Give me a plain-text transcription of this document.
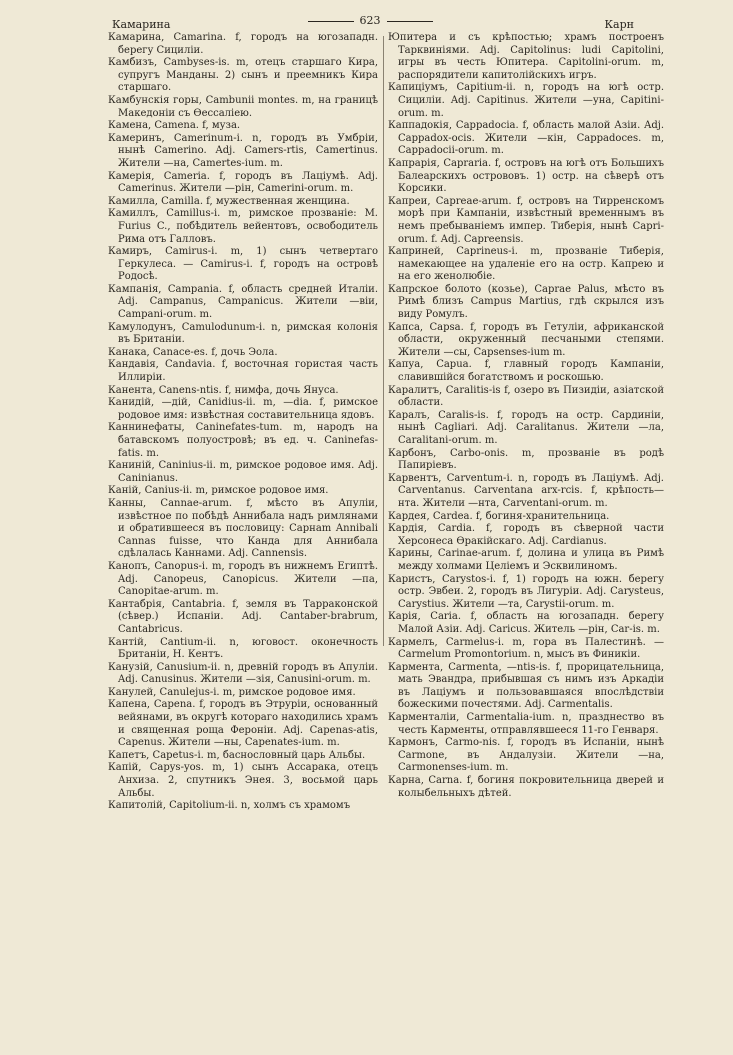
Камарина	623	Карн
Камарина, Camarina. f, городъ на югозападн. берегу Сициліи.
Камбизъ, Cambyses-is. m, отецъ старшаго Кира, супругъ Манданы. 2) сынъ и преемникъ Кира старшаго.
Камбунскія горы, Cambunii montes. m, на границѣ Македоніи съ Ѳессаліею.
Камена, Camena. f, муза.
Камеринъ, Camerinum-i. n, городъ въ Умбріи, нынѣ Camerino. Adj. Camers-rtis, Camertinus. Жители —на, Camertes-ium. m.
Камерія, Cameria. f, городъ въ Лаціумѣ. Adj. Camerinus. Жители —рін, Camerini-orum. m.
Камилла, Camilla. f, мужественная женщина.
Камиллъ, Camillus-i. m, римское прозваніе: M. Furius C., побѣдитель вейентовъ, освободитель Рима отъ Галловъ.
Камиръ, Camirus-i. m, 1) сынъ четвертаго Геркулеса. — Camirus-i. f, городъ на островѣ Родосѣ.
Кампанія, Campania. f, область средней Италіи. Adj. Campanus, Campanicus. Жители —віи, Campani-orum. m.
Камулодунъ, Camulodunum-i. n, римская колонія въ Британіи.
Канака, Canace-es. f, дочь Эола.
Кандавія, Candavia. f, восточная гористая часть Иллиріи.
Канента, Canens-ntis. f, нимфа, дочь Януса.
Канидій, —дій, Canidius-ii. m, —dia. f, римское родовое имя: извѣстная составительница ядовъ.
Каннинефаты, Caninefates-tum. m, народъ на батавскомъ полуостровѣ; въ ед. ч. Caninefas-fatis. m.
Каниній, Caninius-ii. m, римское родовое имя. Adj. Caninianus.
Каній, Canius-ii. m, римское родовое имя.
Канны, Cannae-arum. f, мѣсто въ Апуліи, извѣстное по побѣдѣ Аннибала надъ римлянами и обратившееся въ пословицу: Caрнam Annibali Cannas fuisse, что Канда для Аннибала сдѣлалась Каннами. Adj. Cannensis.
Канопъ, Canopus-i. m, городъ въ нижнемъ Египтѣ. Adj. Canopeus, Canopicus. Жители —па, Canopitae-arum. m.
Кантабрія, Cantabria. f, земля въ Тарраконской (сѣвер.) Испаніи. Adj. Cantaber-brabrum, Cantabricus.
Кантій, Cantium-ii. n, юговост. оконечность Британіи, Н. Кентъ.
Канузій, Canusium-ii. n, древній городъ въ Апуліи. Adj. Canusinus. Жители —зія, Canusini-orum. m.
Канулей, Canulejus-i. m, римское родовое имя.
Капена, Capena. f, городъ въ Этруріи, основанный вейянами, въ округѣ котораго находились храмъ и священная роща Фероніи. Adj. Capenas-atis, Capenus. Жители —ны, Capenates-ium. m.
Капетъ, Capetus-i. m, баснословный царь Альбы.
Капій, Capys-yos. m, 1) сынъ Ассарака, отецъ Анхиза. 2, спутникъ Энея. 3, восьмой царь Альбы.
Капитолій, Capitolium-ii. n, холмъ съ храмомъ
Юпитера и съ крѣпостью; храмъ построенъ Тарквиніями. Adj. Capitolinus: ludi Capitolini, игры въ честь Юпитера. Capitolini-orum. m, распорядители капитолійскихъ игръ.
Капиціумъ, Capitium-ii. n, городъ на югѣ остр. Сициліи. Adj. Capitinus. Жители —уна, Capitini-orum. m.
Каппадокія, Cappadocia. f, область малой Азіи. Adj. Cappadox-ocis. Жители —кін, Cappadoces. m, Cappadocii-orum. m.
Капрарія, Capraria. f, островъ на югѣ отъ Большихъ Балеарскихъ острововъ. 1) остр. на сѣверѣ отъ Корсики.
Капреи, Capreae-arum. f, островъ на Тирренскомъ морѣ при Кампаніи, извѣстный временнымъ въ немъ пребываніемъ импер. Тиберія, нынѣ Capri-orum. f. Adj. Capreensis.
Каприней, Caprineus-i. m, прозваніе Тиберія, намекающее на удаленіе его на остр. Капрею и на его женолюбіе.
Капрское болото (козье), Caprae Palus, мѣсто въ Римѣ близъ Campus Martius, гдѣ скрылся изъ виду Ромулъ.
Капса, Capsa. f, городъ въ Гетуліи, африканской области, окруженный песчаными степями. Жители —сы, Capsenses-ium m.
Капуа, Capua. f, главный городъ Кампаніи, славившійся богатствомъ и роскошью.
Каралитъ, Caralitis-is f, озеро въ Пизидіи, азіатской области.
Каралъ, Caralis-is. f, городъ на остр. Сардиніи, нынѣ Cagliari. Adj. Caralitanus. Жители —ла, Caralitani-orum. m.
Карбонъ, Carbo-onis. m, прозваніе въ родѣ Папиріевъ.
Карвентъ, Carventum-i. n, городъ въ Лаціумѣ. Adj. Carventanus. Carventana arx-rcis. f, крѣпость—нта. Жители —нта, Carventani-orum. m.
Кардея, Cardea. f, богиня-хранительница.
Кардія, Cardia. f, городъ въ сѣверной части Херсонеса Ѳракійскаго. Adj. Cardianus.
Карины, Carinae-arum. f, долина и улица въ Римѣ между холмами Целіемъ и Эсквилиномъ.
Каристъ, Carystos-i. f, 1) городъ на южн. берегу остр. Эвбеи. 2, городъ въ Лигуріи. Adj. Carysteus, Carystius. Жители —та, Carystii-orum. m.
Карія, Caria. f, область на югозападн. берегу Малой Азіи. Adj. Caricus. Житель —рін, Car-is. m.
Кармелъ, Carmelus-i. m, гора въ Палестинѣ. — Carmelum Promontorium. n, мысъ въ Финикіи.
Кармента, Carmenta, —ntis-is. f, прорицательница, мать Эвандра, прибывшая съ нимъ изъ Аркадіи въ Лаціумъ и пользовавшаяся впослѣдствіи божескими почестями. Adj. Carmentalis.
Карменталіи, Carmentalia-ium. n, празднество въ честь Карменты, отправлявшееся 11-го Генваря.
Кармонъ, Carmo-nis. f, городъ въ Испаніи, нынѣ Carmone, въ Андалузіи. Жители —на, Carmonenses-ium. m.
Карна, Carna. f, богиня покровительница дверей и колыбельныхъ дѣтей.
